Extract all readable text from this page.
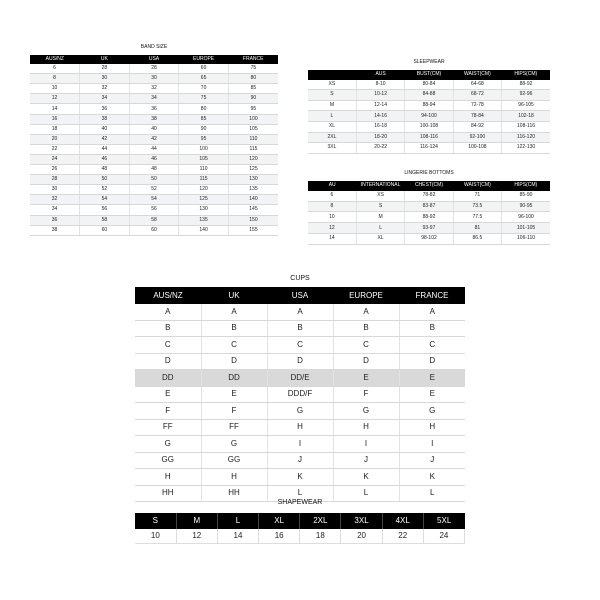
BAND SIZE

AUS/NZ	UK	USA	EUROPE	FRANCE
6	28	28	60	75
8	30	30	65	80
10	32	32	70	85
12	34	34	75	90
14	36	36	80	95
16	38	38	85	100
18	40	40	90	105
20	42	42	95	110
22	44	44	100	115
24	46	46	105	120
26	48	48	110	125
28	50	50	115	130
30	52	52	120	135
32	54	54	125	140
34	56	56	130	145
36	58	58	135	150
38	60	60	140	155

SLEEPWEAR

	AUS	BUST(CM)	WAIST(CM)	HIPS(CM)
XS	8-10	80-84	64-68	88-92
S	10-12	84-88	68-72	92-96
M	12-14	88-94	72-78	96-105
L	14-16	94-100	78-84	102-18
XL	16-18	100-108	84-92	108-116
2XL	18-20	108-116	92-100	116-120
3XL	20-22	116-124	100-108	122-130

LINGERIE BOTTOMS

AU	INTERNATIONAL	CHEST(CM)	WAIST(CM)	HIPS(CM)
6	XS	78-82	71	85-90
8	S	83-87	73.5	90-95
10	M	88-92	77.5	96-100
12	L	93-97	81	101-105
14	XL	98-102	86.5	106-110

CUPS

AUS/NZ	UK	USA	EUROPE	FRANCE
A	A	A	A	A
B	B	B	B	B
C	C	C	C	C
D	D	D	D	D
DD	DD	DD/E	E	E
E	E	DDD/F	F	E
F	F	G	G	G
FF	FF	H	H	H
G	G	I	I	I
GG	GG	J	J	J
H	H	K	K	K
HH	HH	L	L	L

SHAPEWEAR

S	M	L	XL	2XL	3XL	4XL	5XL
10	12	14	16	18	20	22	24
